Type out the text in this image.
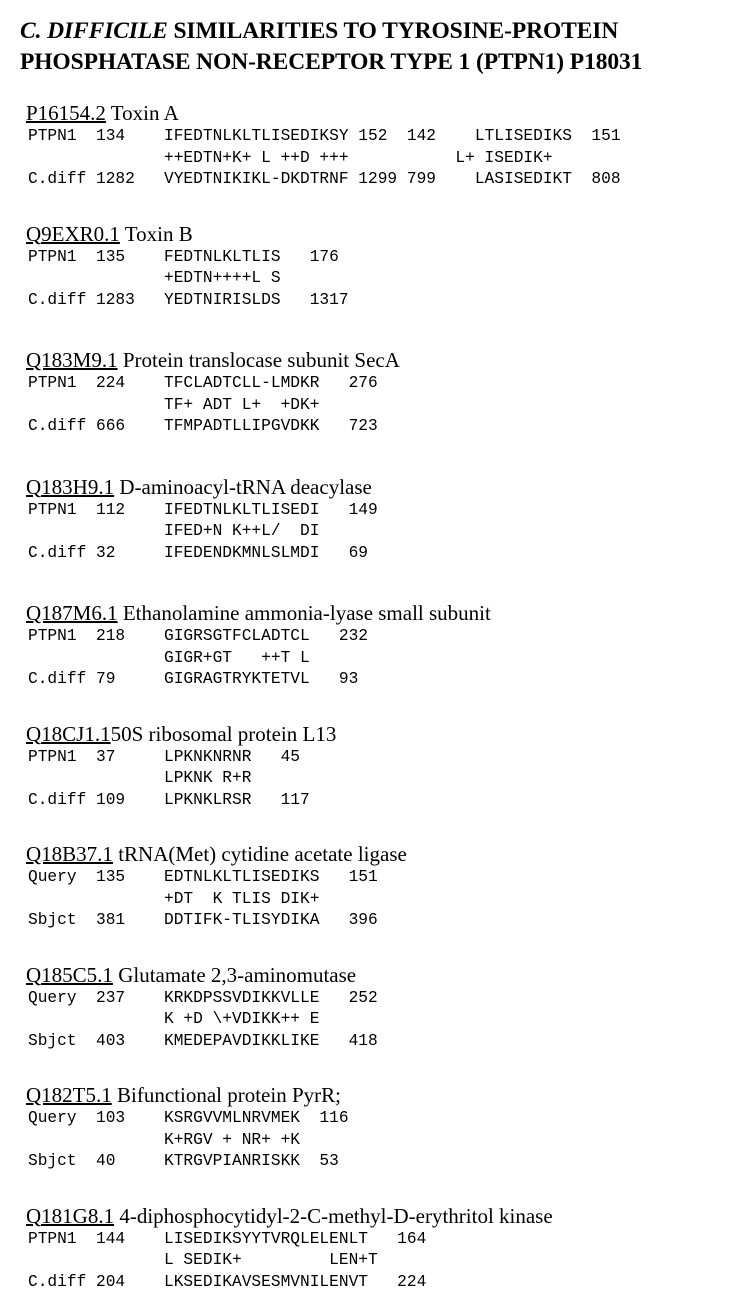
C. DIFFICILE SIMILARITIES TO TYROSINE-PROTEIN PHOSPHATASE NON-RECEPTOR TYPE 1 (PTPN1) P18031
P16154.2 Toxin A
PTPN1  134    IFEDTNLKLTLISEDIKSY 152  142    LTLISEDIKS  151
++EDTN+K+ L ++D +++           L+ ISEDIK+
C.diff 1282   VYEDTNIKIKL-DKDTRNF 1299 799    LASISEDIKT  808
Q9EXR0.1 Toxin B
PTPN1  135    FEDTNLKLTLIS   176
+EDTN++++L S
C.diff 1283   YEDTNIRISLDS   1317
Q183M9.1 Protein translocase subunit SecA
PTPN1  224    TFCLADTCLL-LMDKR   276
TF+ ADT L+  +DK+
C.diff 666    TFMPADTLLIPGVDKK   723
Q183H9.1 D-aminoacyl-tRNA deacylase
PTPN1  112    IFEDTNLKLTLISEDI   149
IFED+N K++L/  DI
C.diff 32     IFEDENDKMNLSLMDI   69
Q187M6.1 Ethanolamine ammonia-lyase small subunit
PTPN1  218    GIGRSGTFCLADTCL   232
GIGR+GT   ++T L
C.diff 79     GIGRAGTRYKTETVL   93
Q18CJ1.150S ribosomal protein L13
PTPN1  37     LPKNKNRNR   45
LPKNK R+R
C.diff 109    LPKNKLRSR   117
Q18B37.1 tRNA(Met) cytidine acetate ligase
Query  135    EDTNLKLTLISEDIKS   151
+DT  K TLIS DIK+
Sbjct  381    DDTIFK-TLISYDIKA   396
Q185C5.1 Glutamate 2,3-aminomutase
Query  237    KRKDPSSVDIKKVLLE   252
K +D \+VDIKK++ E
Sbjct  403    KMEDEPAVDIKKLIKE   418
Q182T5.1 Bifunctional protein PyrR;
Query  103    KSRGVVMLNRVMEK  116
K+RGV + NR+ +K
Sbjct  40     KTRGVPIANRISKK  53
Q181G8.1 4-diphosphocytidyl-2-C-methyl-D-erythritol kinase
PTPN1  144    LISEDIKSYYTVRQLELENLT   164
L SEDIK+         LEN+T
C.diff 204    LKSEDIKAVSESMVNILENVT   224
